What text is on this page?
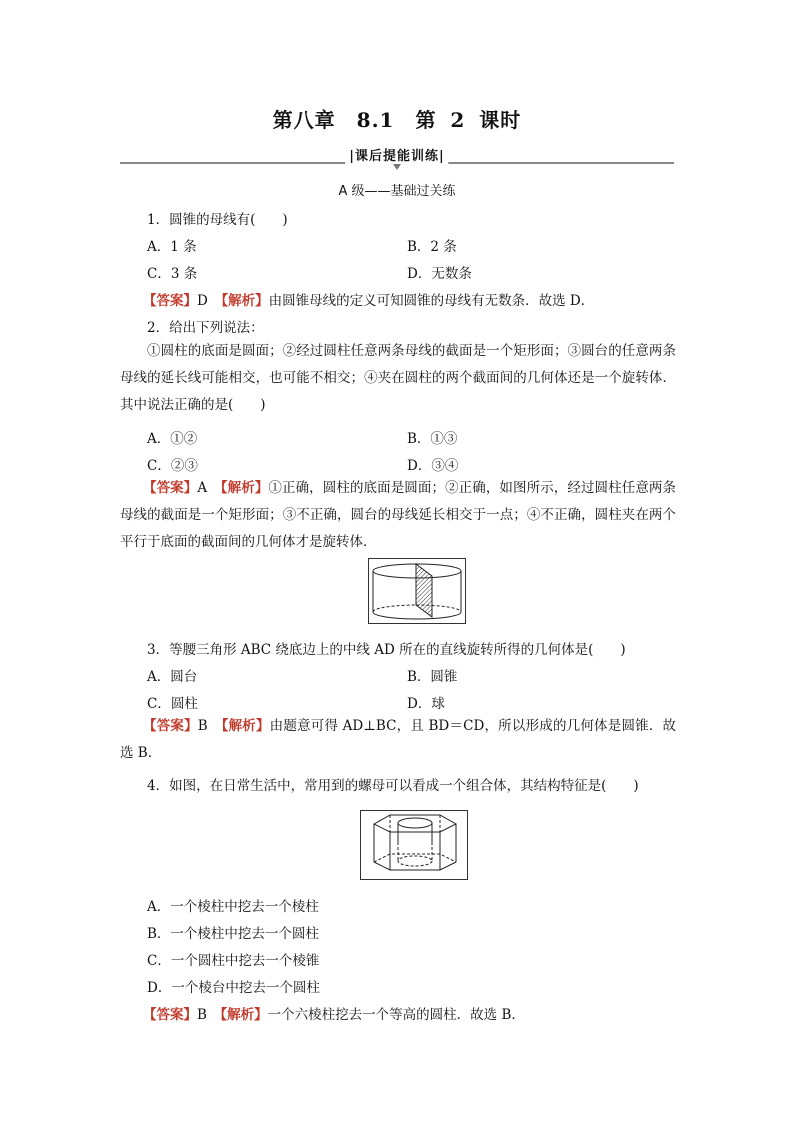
第八章　8.1　第 2 课时
|课后提能训练|
A 级——基础过关练
1．圆锥的母线有(　　)
A．1 条	B．2 条
C．3 条	D．无数条
【答案】D　 【解析】由圆锥母线的定义可知圆锥的母线有无数条．故选 D．
2．给出下列说法：
①圆柱的底面是圆面；②经过圆柱任意两条母线的截面是一个矩形面；③圆台的任意两条母线的延长线可能相交，也可能不相交；④夹在圆柱的两个截面间的几何体还是一个旋转体．其中说法正确的是(　　)
A．①②	B．①③
C．②③	D．③④
【答案】A　 【解析】①正确，圆柱的底面是圆面；②正确，如图所示，经过圆柱任意两条母线的截面是一个矩形面；③不正确，圆台的母线延长相交于一点；④不正确，圆柱夹在两个平行于底面的截面间的几何体才是旋转体．
3．等腰三角形 ABC 绕底边上的中线 AD 所在的直线旋转所得的几何体是(　　)
A．圆台	B．圆锥
C．圆柱	D．球
【答案】B　 【解析】由题意可得 AD⊥BC，且 BD＝CD，所以形成的几何体是圆锥．故选 B．
4．如图，在日常生活中，常用到的螺母可以看成一个组合体，其结构特征是(　　)
A．一个棱柱中挖去一个棱柱
B．一个棱柱中挖去一个圆柱
C．一个圆柱中挖去一个棱锥
D．一个棱台中挖去一个圆柱
【答案】B　 【解析】一个六棱柱挖去一个等高的圆柱．故选 B．
